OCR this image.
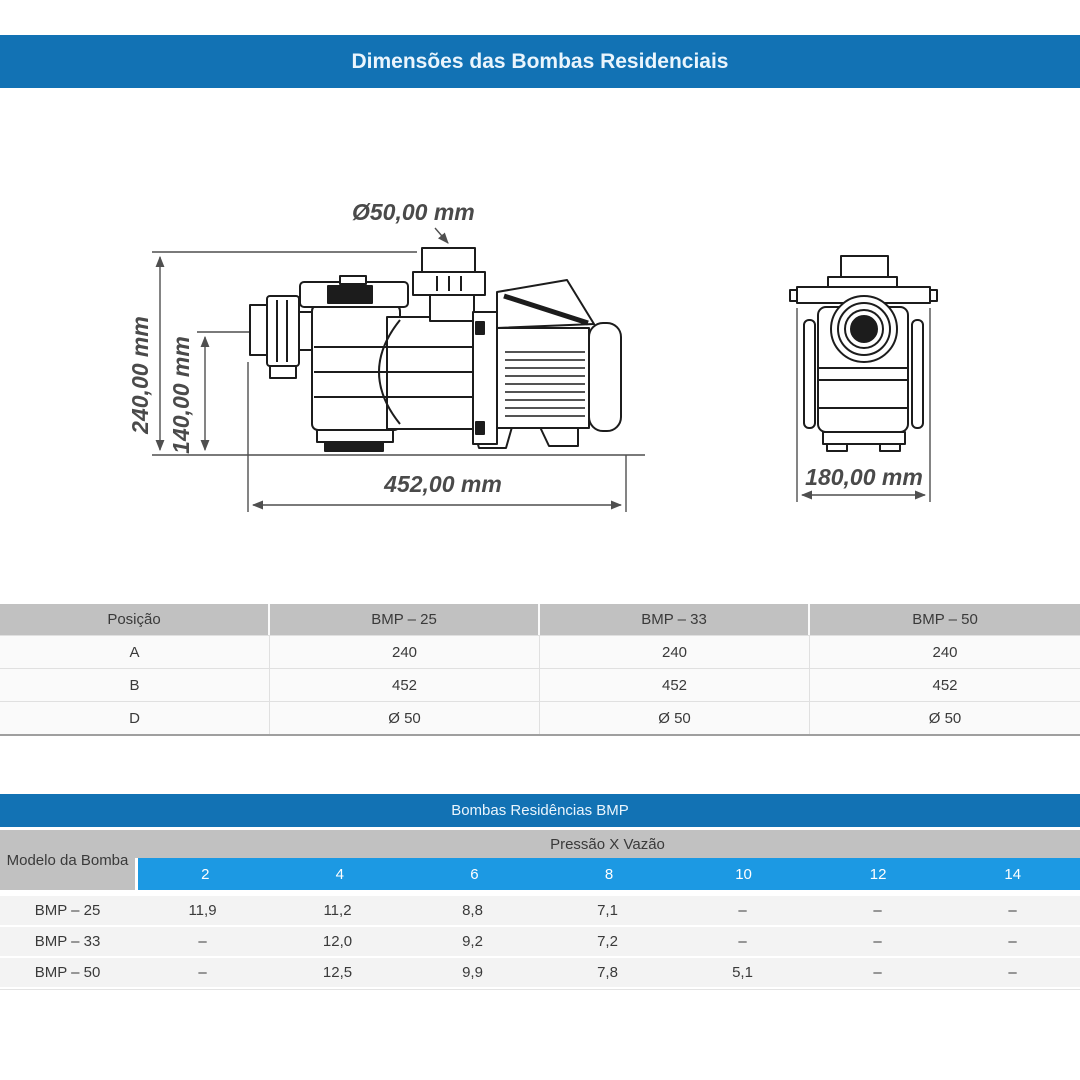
Dimensões das Bombas Residenciais
Ø50,00 mm
240,00 mm 140,00 mm
452,00 mm	180,00 mm
Posição	BMP – 25	BMP – 33	BMP – 50
A	240	240	240
B	452	452	452
D	Ø 50	Ø 50	Ø 50
Bombas Residências BMP
Modelo da Bomba
Pressão X Vazão
2	4	6	8	10	12	14
BMP – 25	11,9	11,2	8,8	7,1	–	–	–
BMP – 33	–	12,0	9,2	7,2	–	–	–
BMP – 50	–	12,5	9,9	7,8	5,1	–	–
